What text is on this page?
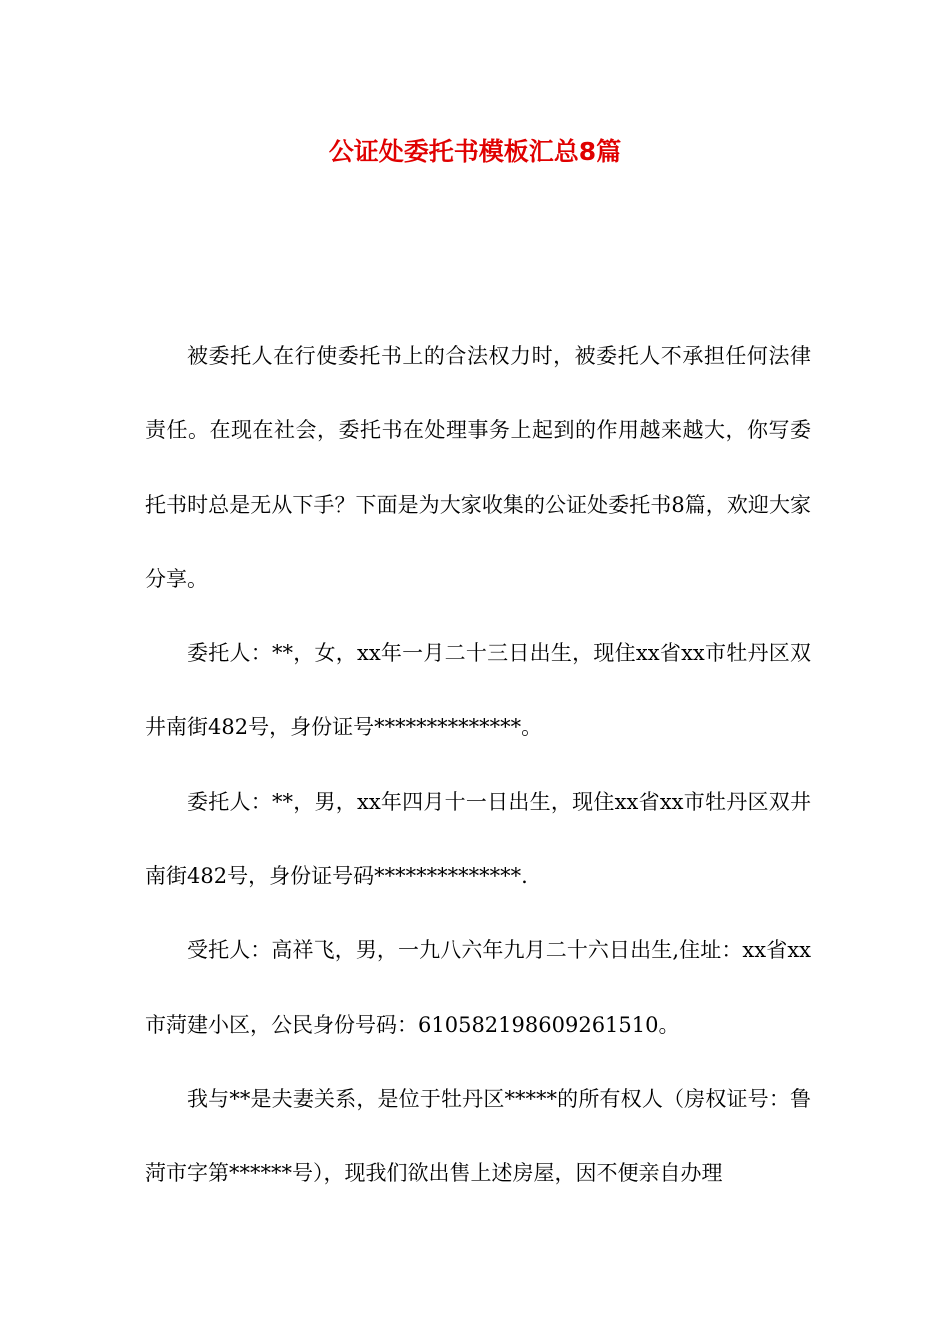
公证处委托书模板汇总8篇

被委托人在行使委托书上的合法权力时，被委托人不承担任何法律责任。在现在社会，委托书在处理事务上起到的作用越来越大，你写委托书时总是无从下手？下面是为大家收集的公证处委托书8篇，欢迎大家分享。

委托人：**，女，xx年一月二十三日出生，现住xx省xx市牡丹区双井南街482号，身份证号**************。

委托人：**，男，xx年四月十一日出生，现住xx省xx市牡丹区双井南街482号，身份证号码**************.

受托人：高祥飞，男，一九八六年九月二十六日出生,住址：xx省xx市菏建小区，公民身份号码：610582198609261510。

我与**是夫妻关系，是位于牡丹区*****的所有权人（房权证号：鲁菏市字第******号），现我们欲出售上述房屋，因不便亲自办理
